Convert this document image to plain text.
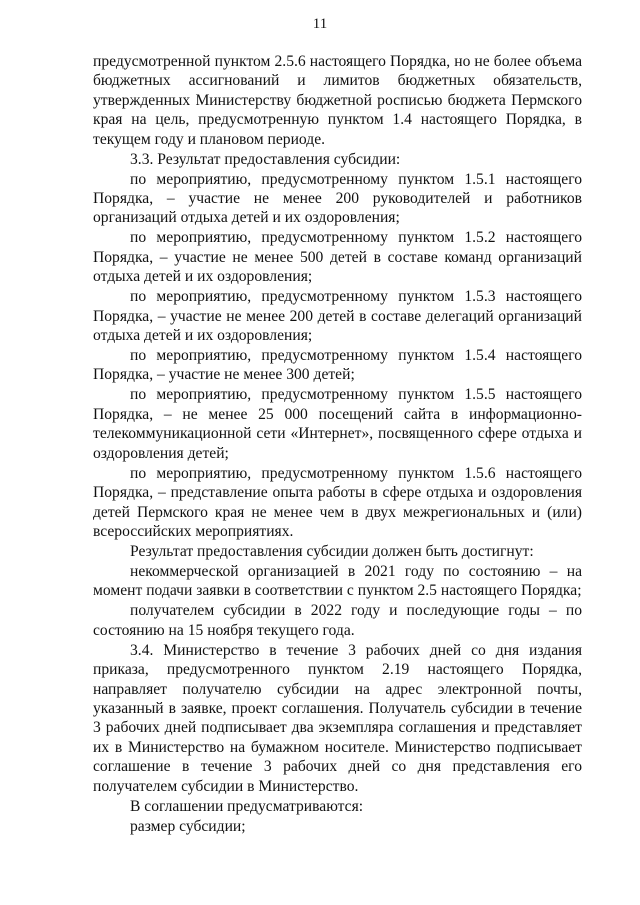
11

предусмотренной пунктом 2.5.6 настоящего Порядка, но не более объема бюджетных ассигнований и лимитов бюджетных обязательств, утвержденных Министерству бюджетной росписью бюджета Пермского края на цель, предусмотренную пунктом 1.4 настоящего Порядка, в текущем году и плановом периоде.

3.3. Результат предоставления субсидии:

по мероприятию, предусмотренному пунктом 1.5.1 настоящего Порядка, – участие не менее 200 руководителей и работников организаций отдыха детей и их оздоровления;

по мероприятию, предусмотренному пунктом 1.5.2 настоящего Порядка, – участие не менее 500 детей в составе команд организаций отдыха детей и их оздоровления;

по мероприятию, предусмотренному пунктом 1.5.3 настоящего Порядка, – участие не менее 200 детей в составе делегаций организаций отдыха детей и их оздоровления;

по мероприятию, предусмотренному пунктом 1.5.4 настоящего Порядка, – участие не менее 300 детей;

по мероприятию, предусмотренному пунктом 1.5.5 настоящего Порядка, – не менее 25 000 посещений сайта в информационно-телекоммуникационной сети «Интернет», посвященного сфере отдыха и оздоровления детей;

по мероприятию, предусмотренному пунктом 1.5.6 настоящего Порядка, – представление опыта работы в сфере отдыха и оздоровления детей Пермского края не менее чем в двух межрегиональных и (или) всероссийских мероприятиях.

Результат предоставления субсидии должен быть достигнут:

некоммерческой организацией в 2021 году по состоянию – на момент подачи заявки в соответствии с пунктом 2.5 настоящего Порядка;

получателем субсидии в 2022 году и последующие годы – по состоянию на 15 ноября текущего года.

3.4. Министерство в течение 3 рабочих дней со дня издания приказа, предусмотренного пунктом 2.19 настоящего Порядка, направляет получателю субсидии на адрес электронной почты, указанный в заявке, проект соглашения. Получатель субсидии в течение 3 рабочих дней подписывает два экземпляра соглашения и представляет их в Министерство на бумажном носителе. Министерство подписывает соглашение в течение 3 рабочих дней со дня представления его получателем субсидии в Министерство.

В соглашении предусматриваются:

размер субсидии;
